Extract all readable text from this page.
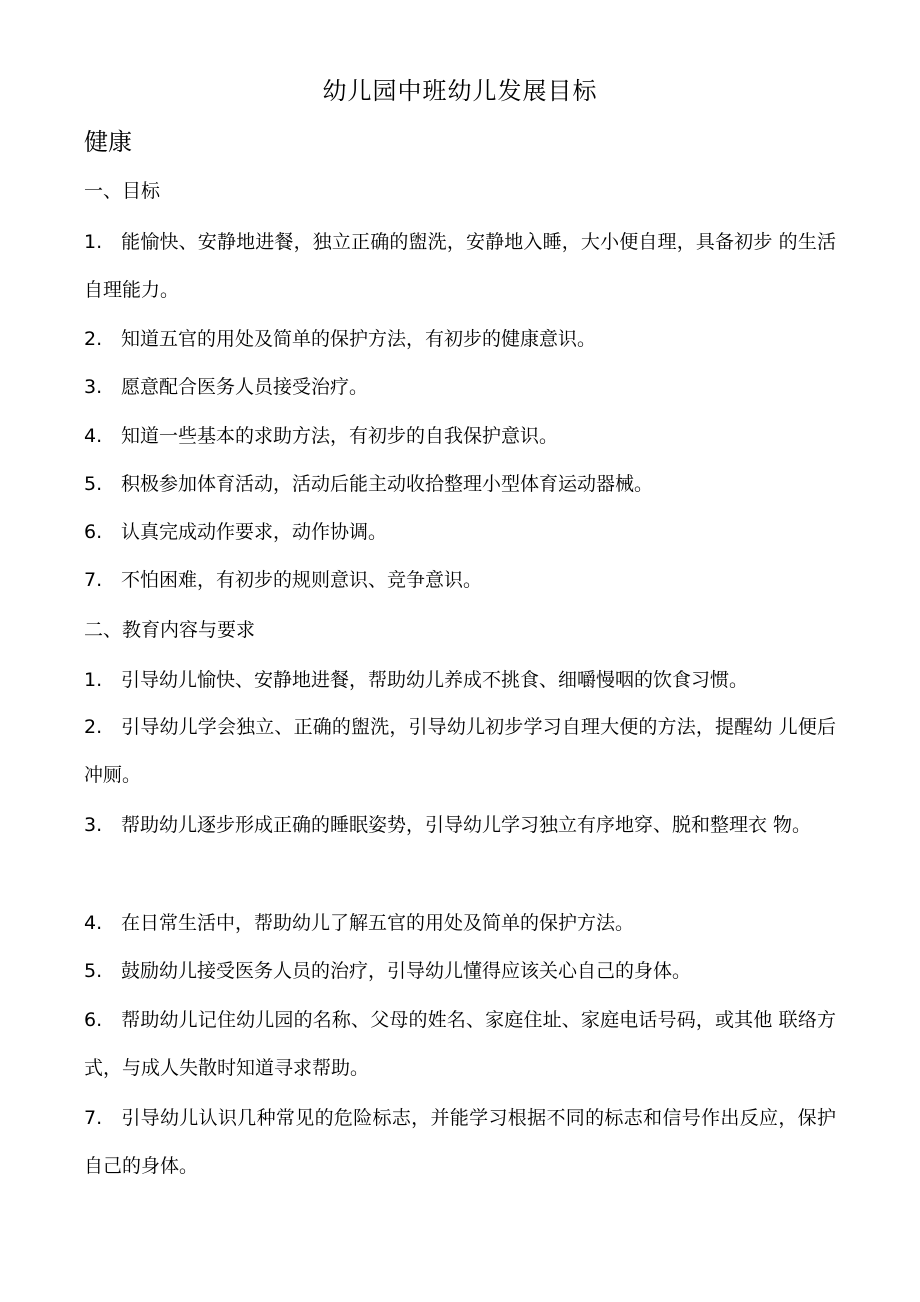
幼儿园中班幼儿发展目标
健康
一、目标
1. 能愉快、安静地进餐，独立正确的盥洗，安静地入睡，大小便自理，具备初步 的生活自理能力。
2. 知道五官的用处及简单的保护方法，有初步的健康意识。
3. 愿意配合医务人员接受治疗。
4. 知道一些基本的求助方法，有初步的自我保护意识。
5. 积极参加体育活动，活动后能主动收拾整理小型体育运动器械。
6. 认真完成动作要求，动作协调。
7. 不怕困难，有初步的规则意识、竞争意识。
二、教育内容与要求
1. 引导幼儿愉快、安静地进餐，帮助幼儿养成不挑食、细嚼慢咽的饮食习惯。
2. 引导幼儿学会独立、正确的盥洗，引导幼儿初步学习自理大便的方法，提醒幼 儿便后冲厕。
3. 帮助幼儿逐步形成正确的睡眠姿势，引导幼儿学习独立有序地穿、脱和整理衣 物。
4. 在日常生活中，帮助幼儿了解五官的用处及简单的保护方法。
5. 鼓励幼儿接受医务人员的治疗，引导幼儿懂得应该关心自己的身体。
6. 帮助幼儿记住幼儿园的名称、父母的姓名、家庭住址、家庭电话号码，或其他 联络方式，与成人失散时知道寻求帮助。
7. 引导幼儿认识几种常见的危险标志，并能学习根据不同的标志和信号作出反应，保护自己的身体。
